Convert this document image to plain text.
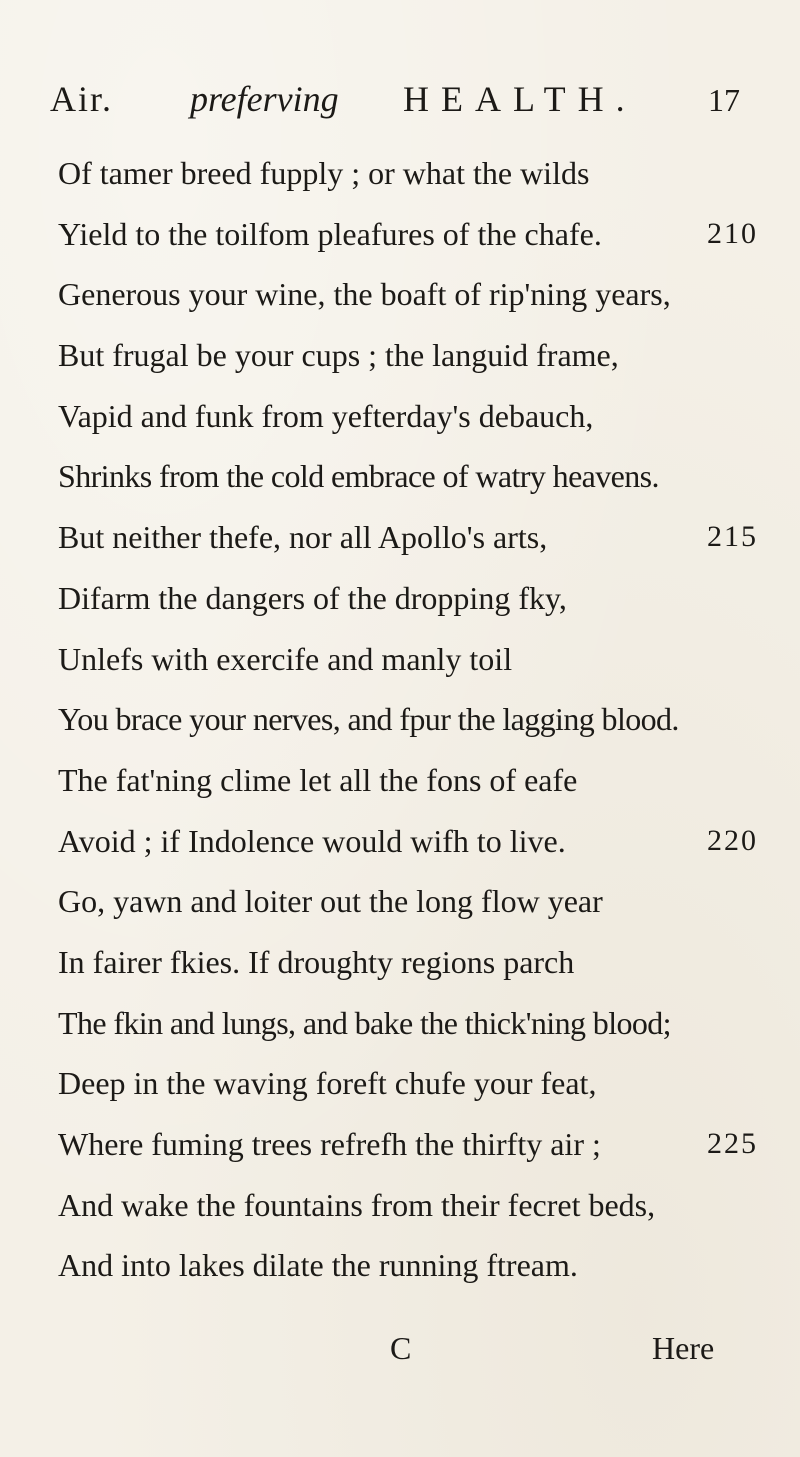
Air. preferving HEALTH. 17
Of tamer breed fupply ; or what the wilds
Yield to the toilfom pleafures of the chafe.	210
Generous your wine, the boaft of rip'ning years,
But frugal be your cups ; the languid frame,
Vapid and funk from yefterday's debauch,
Shrinks from the cold embrace of watry heavens.
But neither thefe, nor all Apollo's arts,	215
Difarm the dangers of the dropping fky,
Unlefs with exercife and manly toil
You brace your nerves, and fpur the lagging blood.
The fat'ning clime let all the fons of eafe
Avoid ; if Indolence would wifh to live.	220
Go, yawn and loiter out the long flow year
In fairer fkies. If droughty regions parch
The fkin and lungs, and bake the thick'ning blood;
Deep in the waving foreft chufe your feat,
Where fuming trees refrefh the thirfty air ;	225
And wake the fountains from their fecret beds,
And into lakes dilate the running ftream.
C	Here
